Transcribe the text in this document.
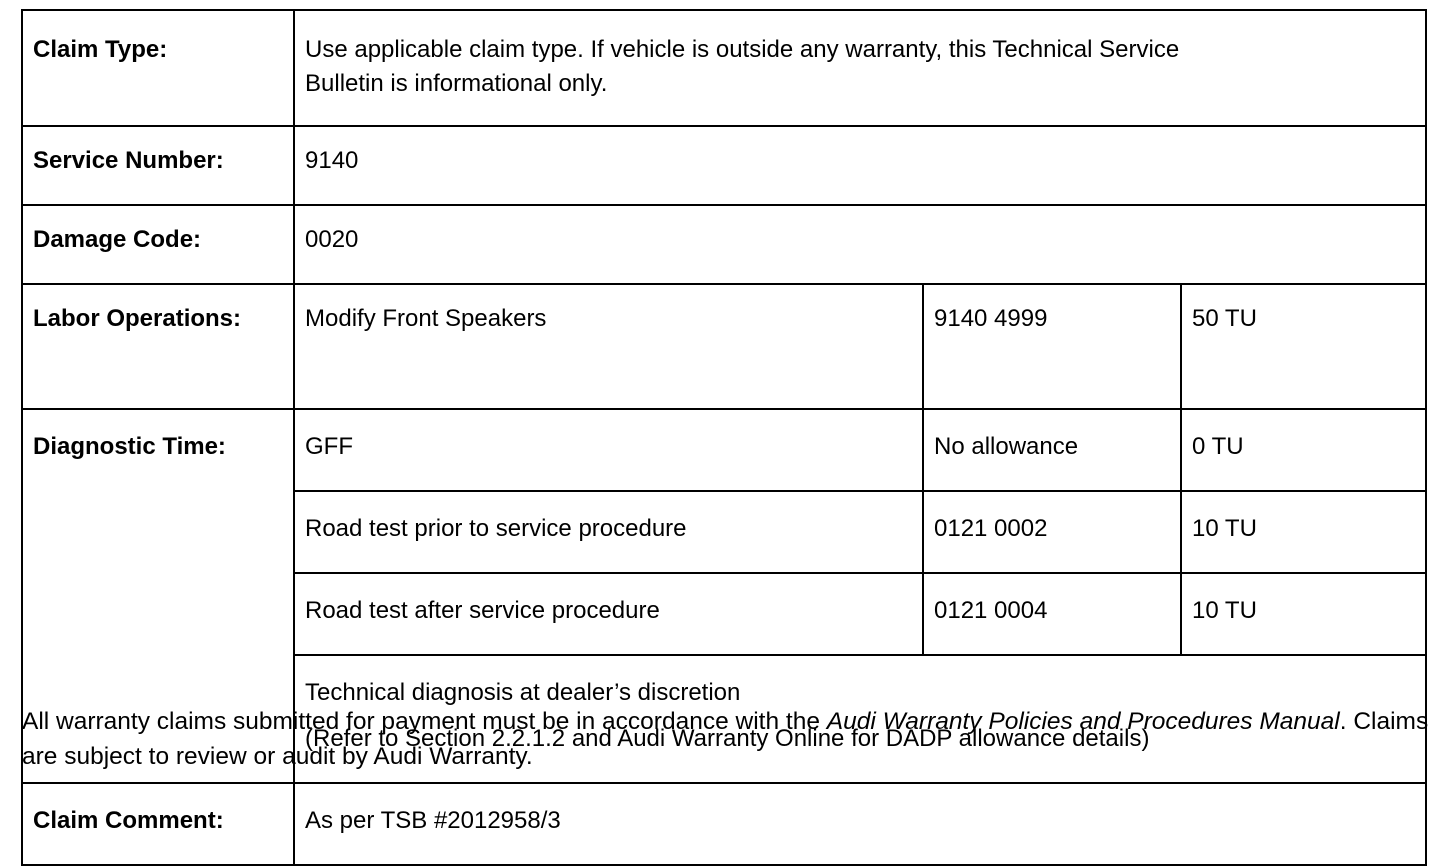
Claim Type:	Use applicable claim type. If vehicle is outside any warranty, this Technical Service
Bulletin is informational only.		

Service Number:	9140		
Damage Code:	0020		
Labor Operations:	Modify Front Speakers	9140 4999	50 TU
Diagnostic Time:	GFF	No allowance	0 TU
	Road test prior to service procedure	0121 0002	10 TU
	Road test after service procedure	0121 0004	10 TU

	Technical diagnosis at dealer’s discretion
(Refer to Section 2.2.1.2 and Audi Warranty Online for DADP allowance details)		

Claim Comment:	As per TSB #2012958/3		

All warranty claims submitted for payment must be in accordance with the Audi Warranty Policies and Procedures Manual. Claims are subject to review or audit by Audi Warranty.
